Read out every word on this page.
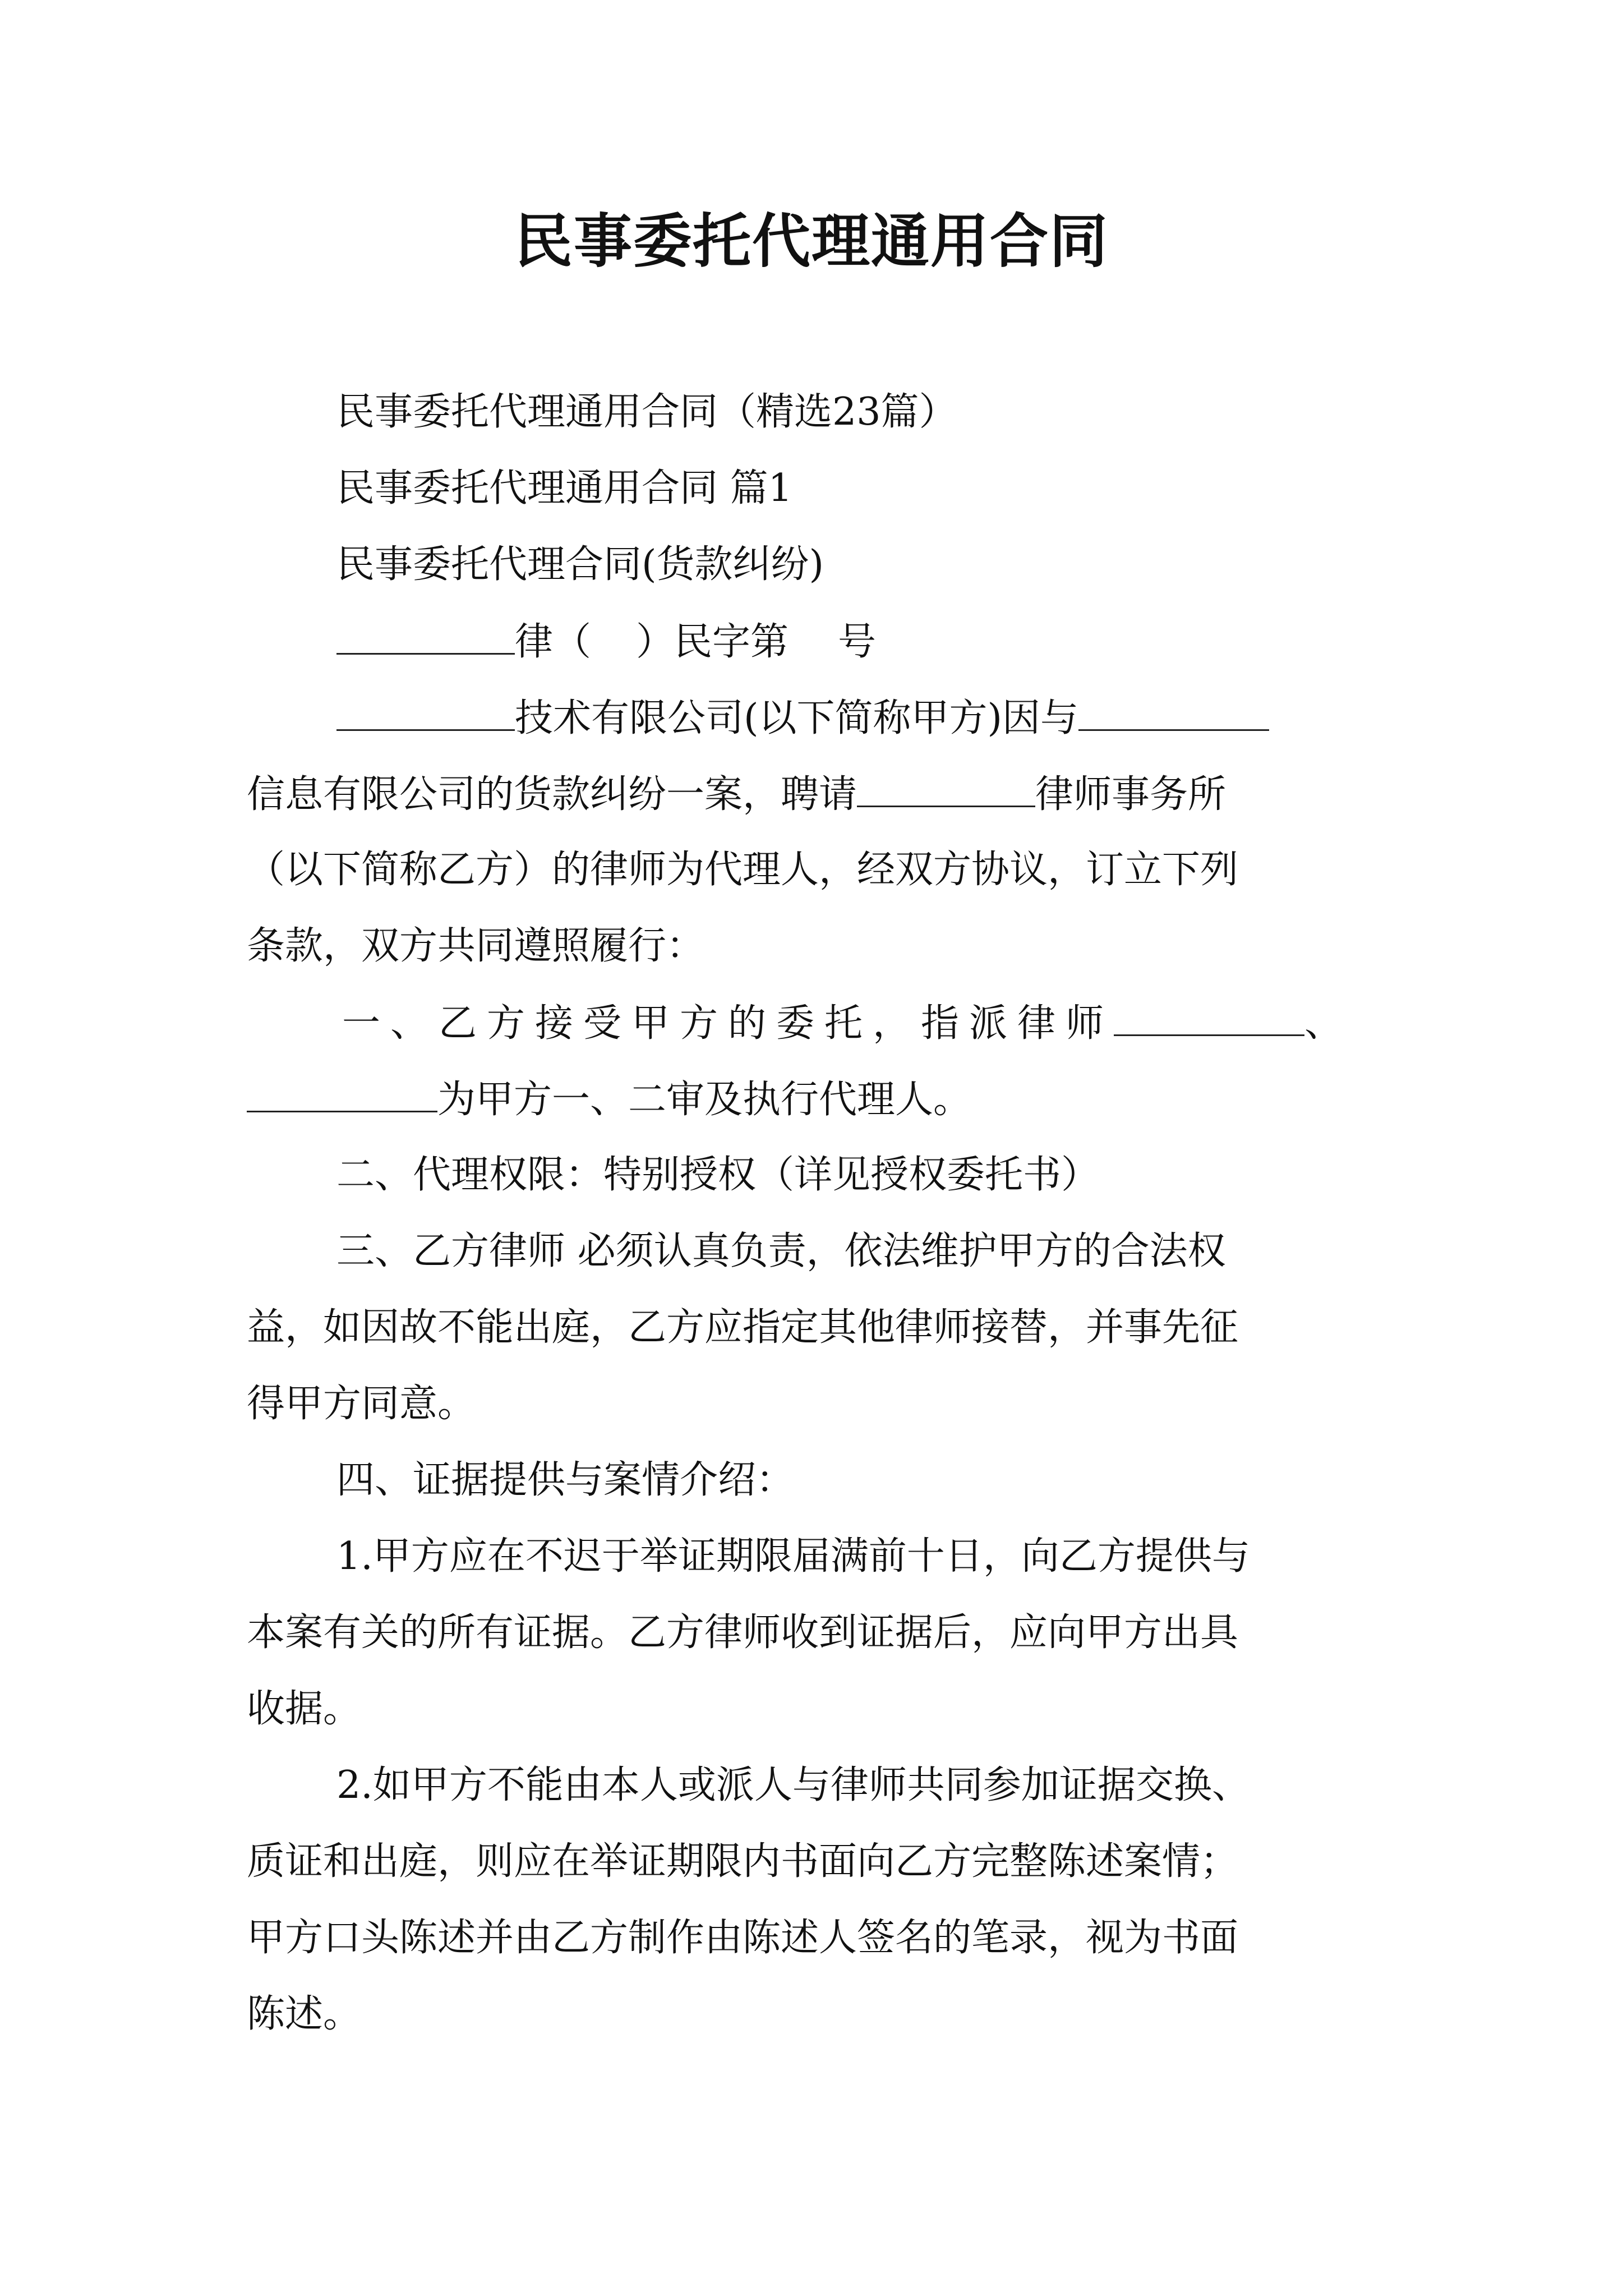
民事委托代理通用合同

民事委托代理通用合同（精选23篇）

民事委托代理通用合同 篇1

民事委托代理合同(货款纠纷)

律（ ）民字第 号

技术有限公司(以下简称甲方)因与

信息有限公司的货款纠纷一案，聘请	律师事务所

（以下简称乙方）的律师为代理人，经双方协议，订立下列

条款，双方共同遵照履行：

一、乙方接受甲方的委托，指派律师	、

为甲方一、二审及执行代理人。

二、代理权限：特别授权（详见授权委托书）

三、乙方律师 必须认真负责，依法维护甲方的合法权

益，如因故不能出庭，乙方应指定其他律师接替，并事先征

得甲方同意。

四、证据提供与案情介绍：

1.甲方应在不迟于举证期限届满前十日，向乙方提供与

本案有关的所有证据。乙方律师收到证据后，应向甲方出具

收据。

2.如甲方不能由本人或派人与律师共同参加证据交换、

质证和出庭，则应在举证期限内书面向乙方完整陈述案情；

甲方口头陈述并由乙方制作由陈述人签名的笔录，视为书面

陈述。
